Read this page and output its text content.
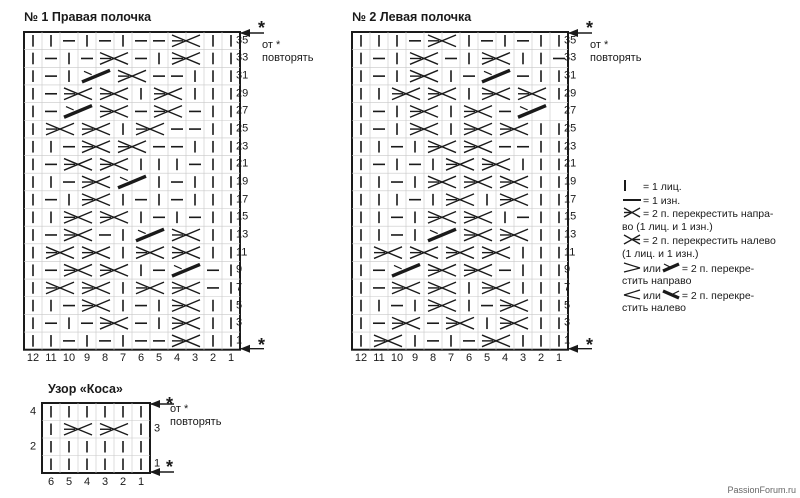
№ 1 Правая полочка	№ 2 Левая полочка
Узор «Коса»
от *
повторять
от *
повторять
от *
повторять
*
*
*
*
*
*
12 11 10 9 8 7 6 5 4 3 2 1
35
33
31
29
27
25
23
21
19
17
15
13
11
9
7
5
3
1
12 11 10 9 8 7 6 5 4 3 2 1
35
33
31
29
27
25
23
21
19
17
15
13
11
9
7
5
3
1
6 5 4 3 2 1
4
2
3
1
= 1 лиц.
= 1 изн.
= 2 п. перекрестить напра-
во (1 лиц. и 1 изн.)
= 2 п. перекрестить налево
(1 лиц. и 1 изн.)
или= 2 п. перекре-
стить направо
или= 2 п. перекре-
стить налево
PassionForum.ru
